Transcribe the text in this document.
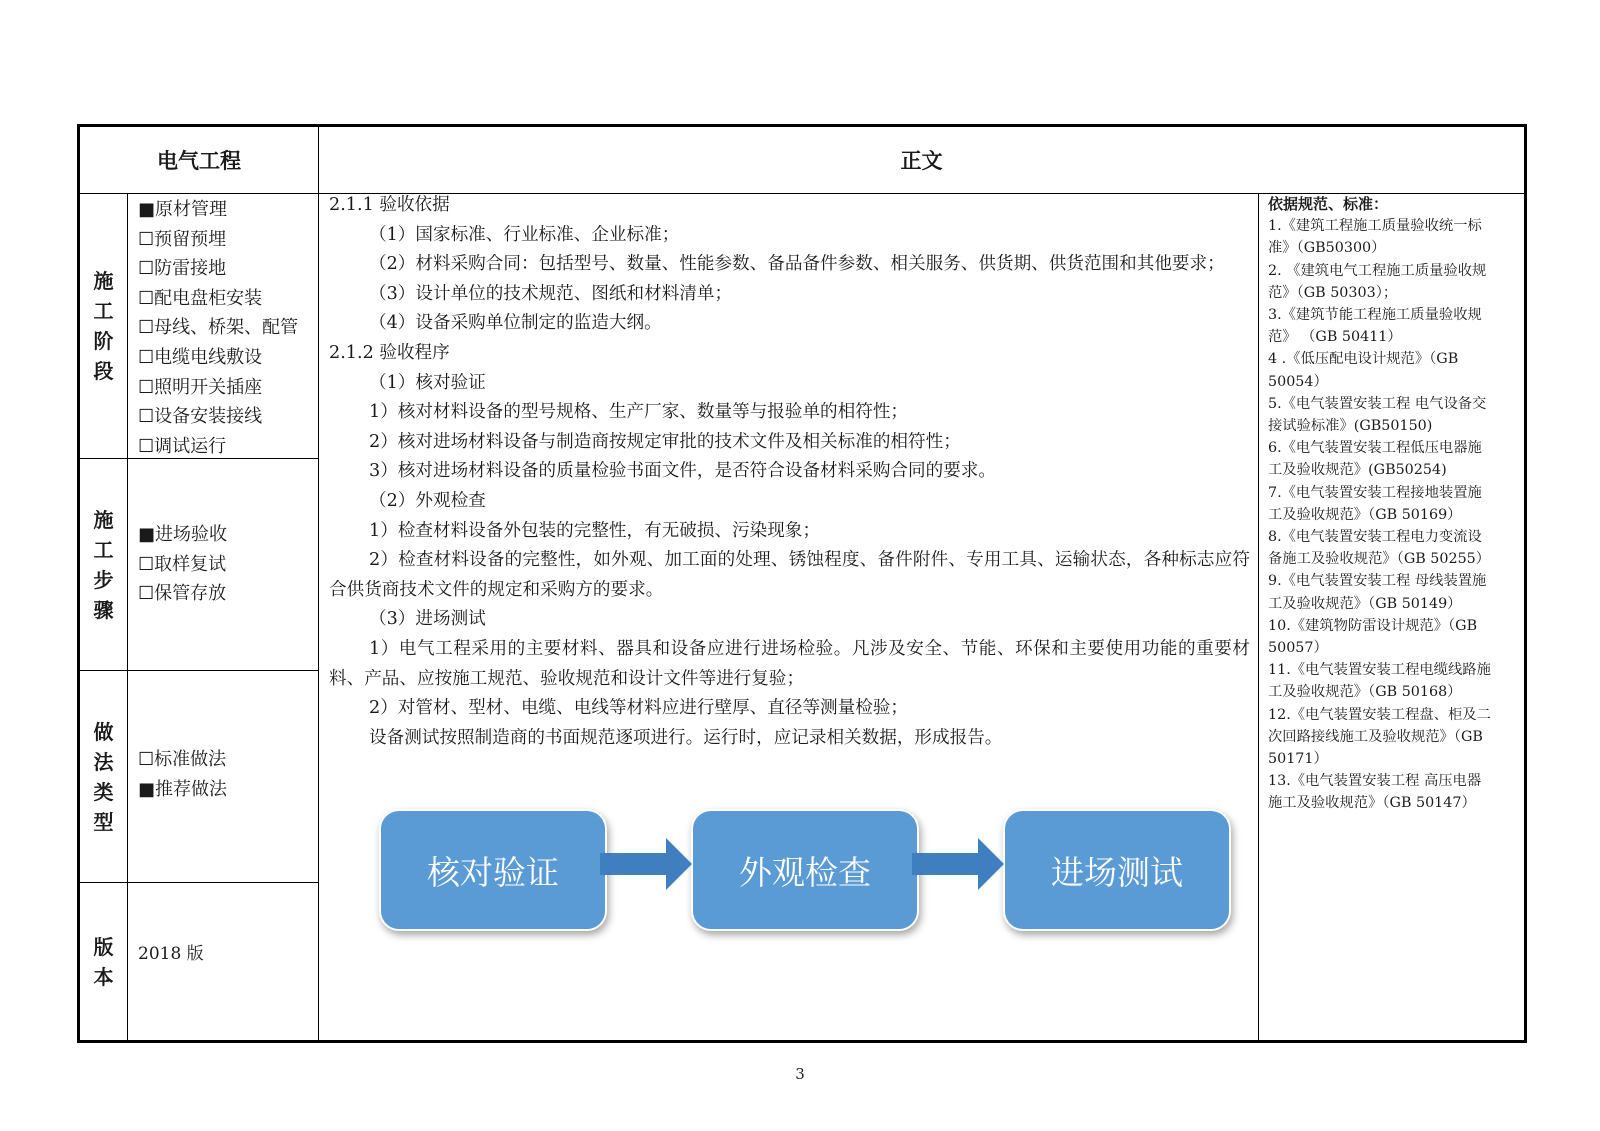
电气工程	正文
施工阶段
■原材管理
☐预留预埋
☐防雷接地
☐配电盘柜安装
☐母线、桥架、配管
☐电缆电线敷设
☐照明开关插座
☐设备安装接线
☐调试运行
施工步骤
■进场验收
☐取样复试
☐保管存放
做法类型
☐标准做法
■推荐做法
版本
2018 版
2.1.1 验收依据
（1）国家标准、行业标准、企业标准；
（2）材料采购合同：包括型号、数量、性能参数、备品备件参数、相关服务、供货期、供货范围和其他要求；
（3）设计单位的技术规范、图纸和材料清单；
（4）设备采购单位制定的监造大纲。
2.1.2 验收程序
（1）核对验证
1）核对材料设备的型号规格、生产厂家、数量等与报验单的相符性；
2）核对进场材料设备与制造商按规定审批的技术文件及相关标准的相符性；
3）核对进场材料设备的质量检验书面文件，是否符合设备材料采购合同的要求。
（2）外观检查
1）检查材料设备外包装的完整性，有无破损、污染现象；
2）检查材料设备的完整性，如外观、加工面的处理、锈蚀程度、备件附件、专用工具、运输状态，各种标志应符合供货商技术文件的规定和采购方的要求。
（3）进场测试
1）电气工程采用的主要材料、器具和设备应进行进场检验。凡涉及安全、节能、环保和主要使用功能的重要材料、产品、应按施工规范、验收规范和设计文件等进行复验；
2）对管材、型材、电缆、电线等材料应进行壁厚、直径等测量检验；
设备测试按照制造商的书面规范逐项进行。运行时，应记录相关数据，形成报告。
核对验证	外观检查	进场测试
依据规范、标准：
1.《建筑工程施工质量验收统一标准》（GB50300）
2. 《建筑电气工程施工质量验收规范》（GB 50303）；
3.《建筑节能工程施工质量验收规范》 （GB 50411）
4 .《低压配电设计规范》（GB 50054）
5.《电气装置安装工程 电气设备交接试验标准》(GB50150)
6.《电气装置安装工程低压电器施工及验收规范》(GB50254)
7.《电气装置安装工程接地装置施工及验收规范》（GB 50169）
8.《电气装置安装工程电力变流设备施工及验收规范》（GB 50255）
9.《电气装置安装工程 母线装置施工及验收规范》（GB 50149）
10.《建筑物防雷设计规范》（GB 50057）
11.《电气装置安装工程电缆线路施工及验收规范》（GB 50168）
12.《电气装置安装工程盘、柜及二次回路接线施工及验收规范》（GB 50171）
13.《电气装置安装工程 高压电器施工及验收规范》（GB 50147）
3
